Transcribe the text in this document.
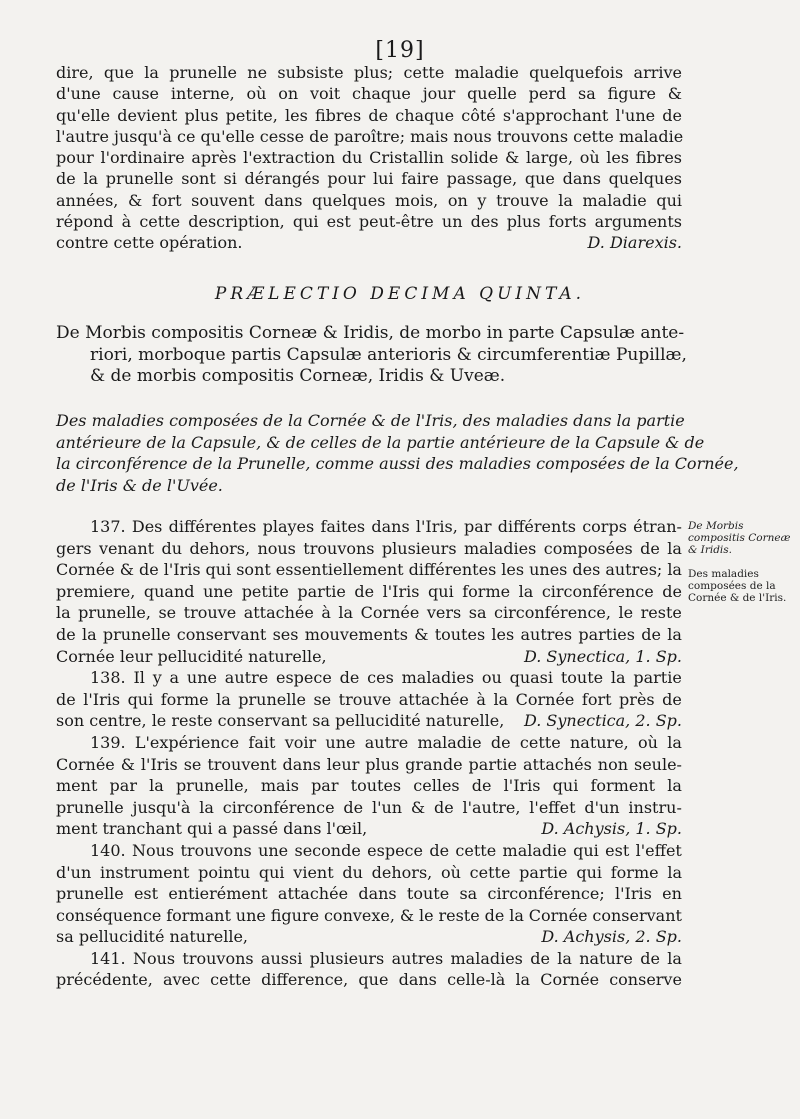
[19]
dire, que la prunelle ne subsiste plus; cette maladie quelquefois arrive
d'une cause interne, où on voit chaque jour quelle perd sa figure &
qu'elle devient plus petite, les fibres de chaque côté s'approchant l'une de
l'autre jusqu'à ce qu'elle cesse de paroître; mais nous trouvons cette maladie
pour l'ordinaire après l'extraction du Cristallin solide & large, où les fibres
de la prunelle sont si dérangés pour lui faire passage, que dans quelques
années, & fort souvent dans quelques mois, on y trouve la maladie qui
répond à cette description, qui est peut-être un des plus forts arguments
contre cette opération.	D. Diarexis.
PRÆLECTIO DECIMA QUINTA.
De Morbis compositis Corneæ & Iridis, de morbo in parte Capsulæ ante-
riori, morboque partis Capsulæ anterioris & circumferentiæ Pupillæ,
& de morbis compositis Corneæ, Iridis & Uveæ.
Des maladies composées de la Cornée & de l'Iris, des maladies dans la partie
antérieure de la Capsule, & de celles de la partie antérieure de la Capsule & de
la circonférence de la Prunelle, comme aussi des maladies composées de la Cornée,
de l'Iris & de l'Uvée.
De Morbis compositis Corneæ & Iridis.
Des maladies composées de la Cornée & de l'Iris.
137. Des différentes playes faites dans l'Iris, par différents corps étran-
gers venant du dehors, nous trouvons plusieurs maladies composées de la
Cornée & de l'Iris qui sont essentiellement différentes les unes des autres; la
premiere, quand une petite partie de l'Iris qui forme la circonférence de
la prunelle, se trouve attachée à la Cornée vers sa circonférence, le reste
de la prunelle conservant ses mouvements & toutes les autres parties de la
Cornée leur pellucidité naturelle,	D. Synectica, 1. Sp.
138. Il y a une autre espece de ces maladies ou quasi toute la partie
de l'Iris qui forme la prunelle se trouve attachée à la Cornée fort près de
son centre, le reste conservant sa pellucidité naturelle, D. Synectica, 2. Sp.
139. L'expérience fait voir une autre maladie de cette nature, où la
Cornée & l'Iris se trouvent dans leur plus grande partie attachés non seule-
ment par la prunelle, mais par toutes celles de l'Iris qui forment la
prunelle jusqu'à la circonférence de l'un & de l'autre, l'effet d'un instru-
ment tranchant qui a passé dans l'œil,	D. Achysis, 1. Sp.
140. Nous trouvons une seconde espece de cette maladie qui est l'effet
d'un instrument pointu qui vient du dehors, où cette partie qui forme la
prunelle est entierément attachée dans toute sa circonférence; l'Iris en
conséquence formant une figure convexe, & le reste de la Cornée conservant
sa pellucidité naturelle,	D. Achysis, 2. Sp.
141. Nous trouvons aussi plusieurs autres maladies de la nature de la
précédente, avec cette difference, que dans celle-là la Cornée conserve
